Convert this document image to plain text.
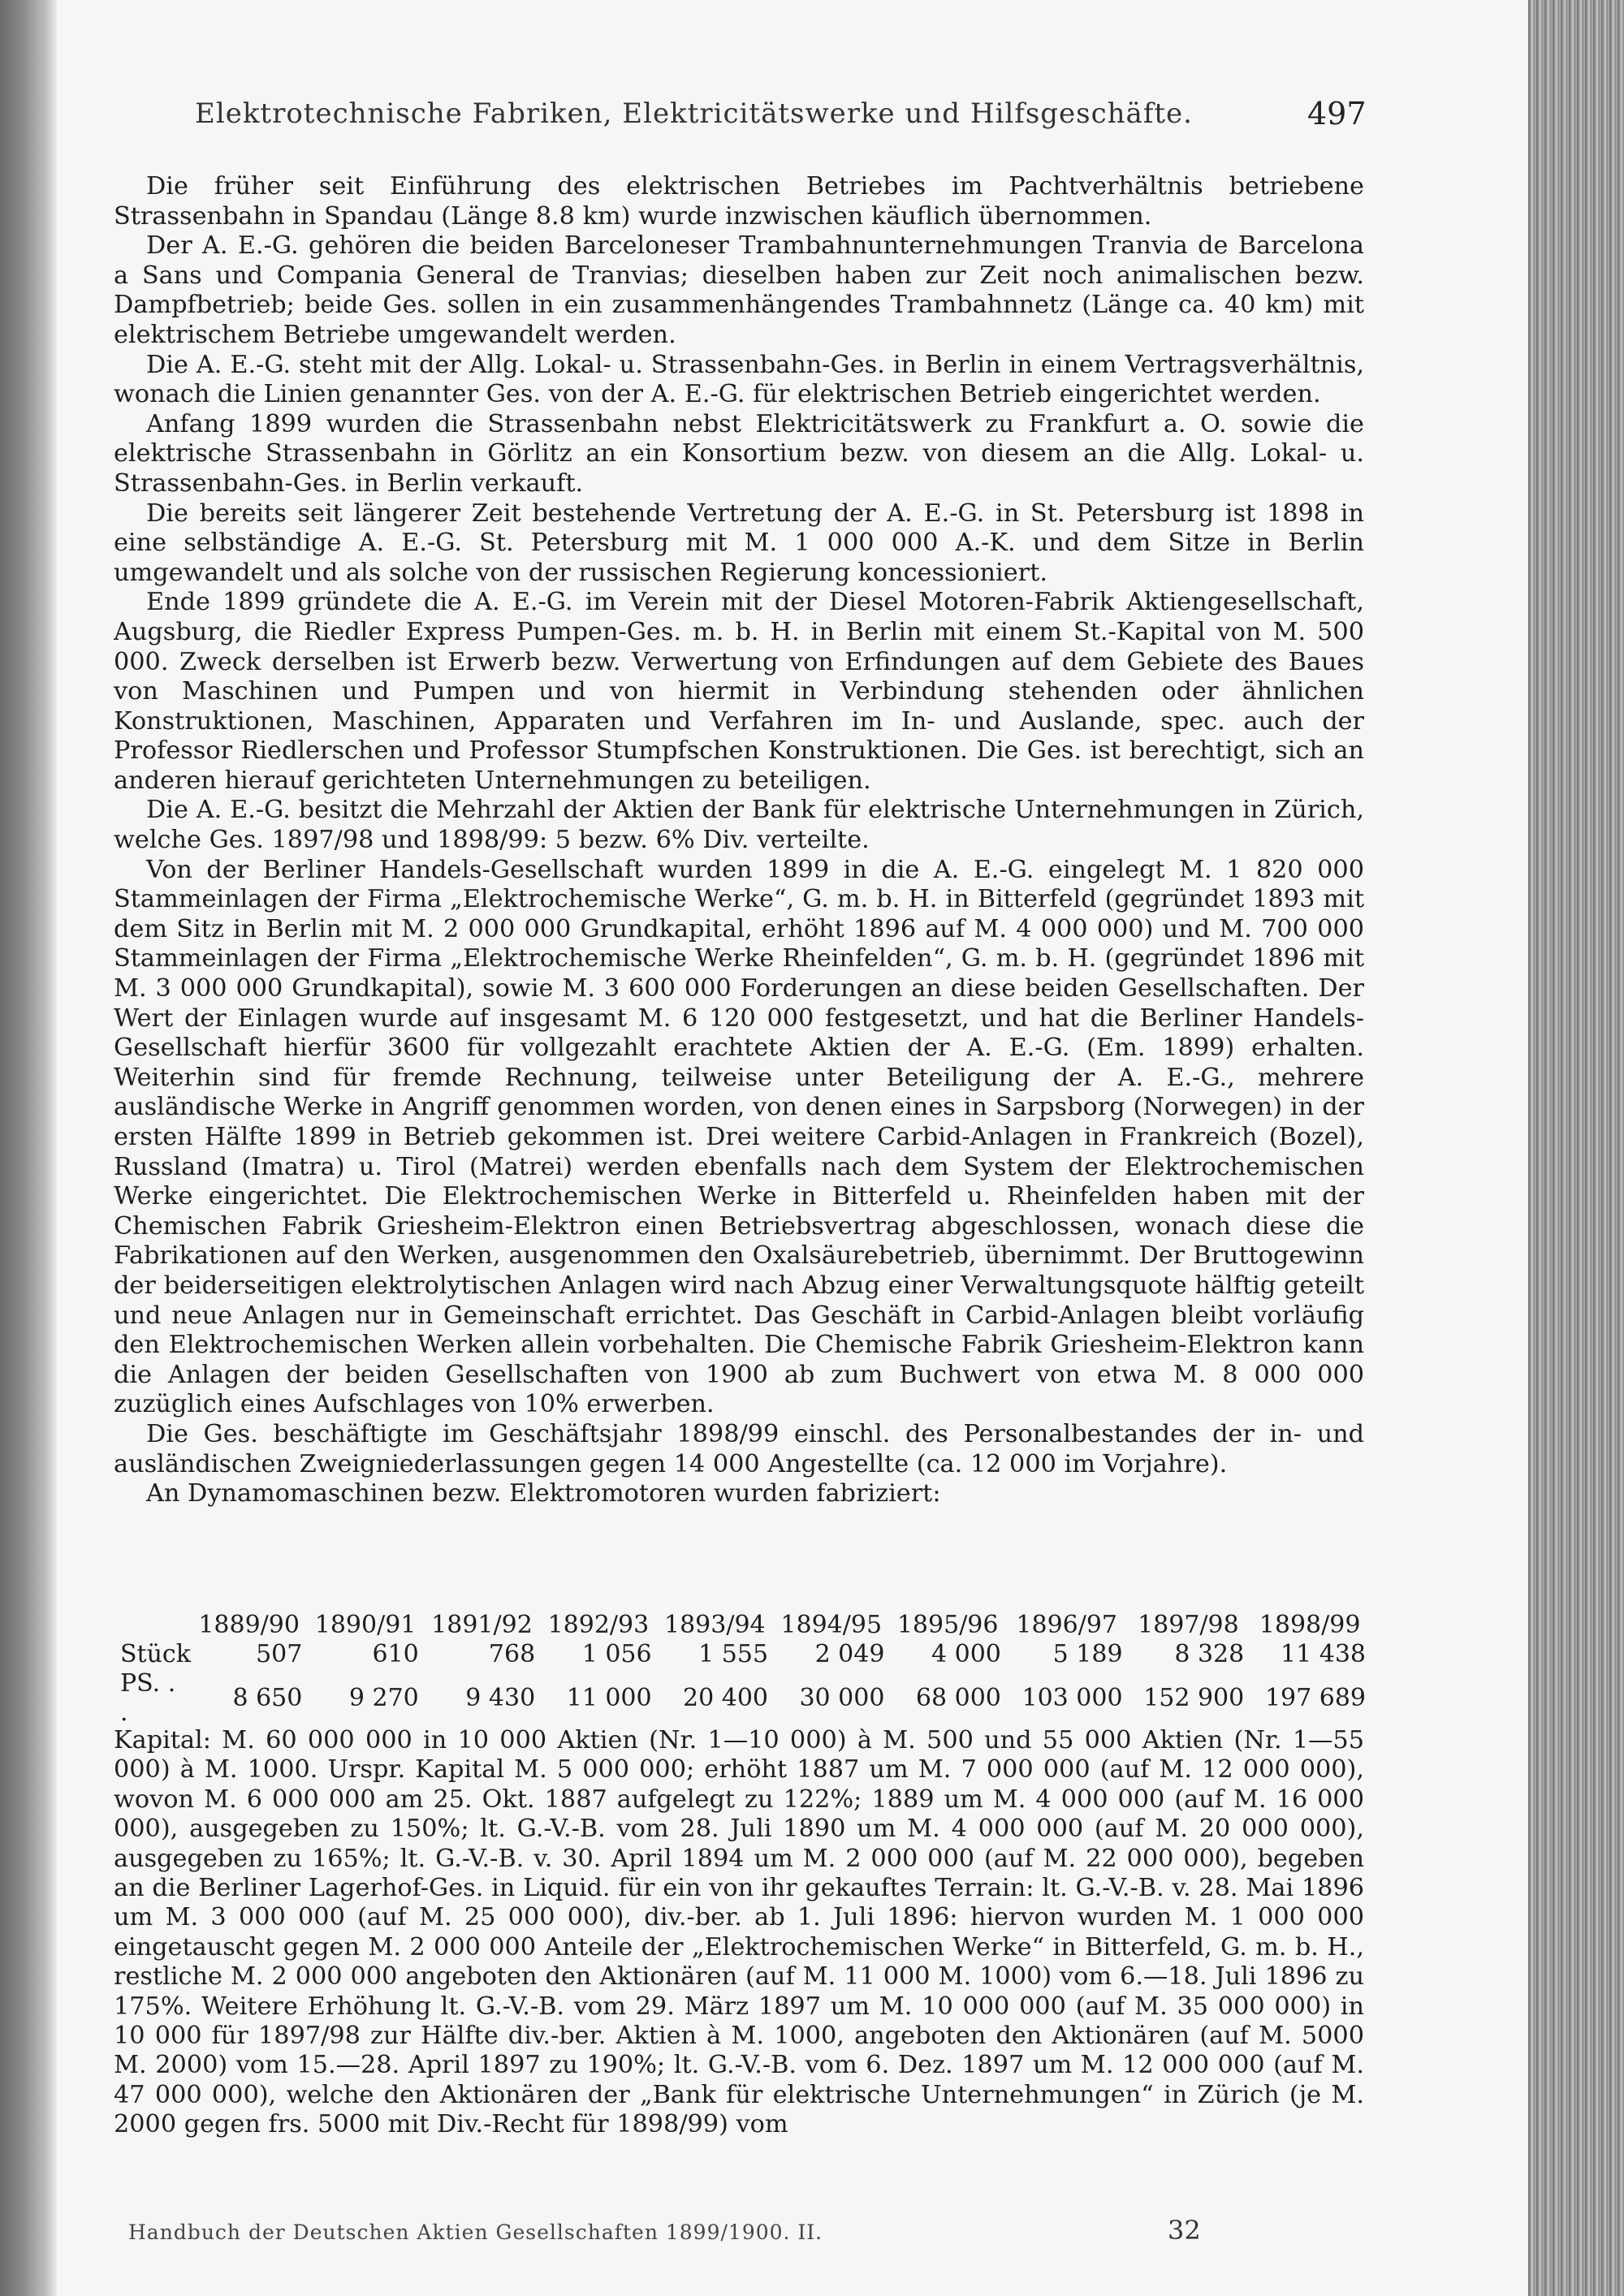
Elektrotechnische Fabriken, Elektricitätswerke und Hilfsgeschäfte.	497

Die früher seit Einführung des elektrischen Betriebes im Pachtverhältnis betriebene Strassenbahn in Spandau (Länge 8.8 km) wurde inzwischen käuflich übernommen.

Der A. E.-G. gehören die beiden Barceloneser Trambahnunternehmungen Tranvia de Barcelona a Sans und Compania General de Tranvias; dieselben haben zur Zeit noch animalischen bezw. Dampfbetrieb; beide Ges. sollen in ein zusammenhängendes Trambahnnetz (Länge ca. 40 km) mit elektrischem Betriebe umgewandelt werden.

Die A. E.-G. steht mit der Allg. Lokal- u. Strassenbahn-Ges. in Berlin in einem Vertragsverhältnis, wonach die Linien genannter Ges. von der A. E.-G. für elektrischen Betrieb eingerichtet werden.

Anfang 1899 wurden die Strassenbahn nebst Elektricitätswerk zu Frankfurt a. O. sowie die elektrische Strassenbahn in Görlitz an ein Konsortium bezw. von diesem an die Allg. Lokal- u. Strassenbahn-Ges. in Berlin verkauft.

Die bereits seit längerer Zeit bestehende Vertretung der A. E.-G. in St. Petersburg ist 1898 in eine selbständige A. E.-G. St. Petersburg mit M. 1 000 000 A.-K. und dem Sitze in Berlin umgewandelt und als solche von der russischen Regierung koncessioniert.

Ende 1899 gründete die A. E.-G. im Verein mit der Diesel Motoren-Fabrik Aktiengesellschaft, Augsburg, die Riedler Express Pumpen-Ges. m. b. H. in Berlin mit einem St.-Kapital von M. 500 000. Zweck derselben ist Erwerb bezw. Verwertung von Erfindungen auf dem Gebiete des Baues von Maschinen und Pumpen und von hiermit in Verbindung stehenden oder ähnlichen Konstruktionen, Maschinen, Apparaten und Verfahren im In- und Auslande, spec. auch der Professor Riedlerschen und Professor Stumpfschen Konstruktionen. Die Ges. ist berechtigt, sich an anderen hierauf gerichteten Unternehmungen zu beteiligen.

Die A. E.-G. besitzt die Mehrzahl der Aktien der Bank für elektrische Unternehmungen in Zürich, welche Ges. 1897/98 und 1898/99: 5 bezw. 6% Div. verteilte.

Von der Berliner Handels-Gesellschaft wurden 1899 in die A. E.-G. eingelegt M. 1 820 000 Stammeinlagen der Firma „Elektrochemische Werke“, G. m. b. H. in Bitterfeld (gegründet 1893 mit dem Sitz in Berlin mit M. 2 000 000 Grundkapital, erhöht 1896 auf M. 4 000 000) und M. 700 000 Stammeinlagen der Firma „Elektrochemische Werke Rheinfelden“, G. m. b. H. (gegründet 1896 mit M. 3 000 000 Grundkapital), sowie M. 3 600 000 Forderungen an diese beiden Gesellschaften. Der Wert der Einlagen wurde auf insgesamt M. 6 120 000 festgesetzt, und hat die Berliner Handels-Gesellschaft hierfür 3600 für vollgezahlt erachtete Aktien der A. E.-G. (Em. 1899) erhalten. Weiterhin sind für fremde Rechnung, teilweise unter Beteiligung der A. E.-G., mehrere ausländische Werke in Angriff genommen worden, von denen eines in Sarpsborg (Norwegen) in der ersten Hälfte 1899 in Betrieb gekommen ist. Drei weitere Carbid-Anlagen in Frankreich (Bozel), Russland (Imatra) u. Tirol (Matrei) werden ebenfalls nach dem System der Elektrochemischen Werke eingerichtet. Die Elektrochemischen Werke in Bitterfeld u. Rheinfelden haben mit der Chemischen Fabrik Griesheim-Elektron einen Betriebsvertrag abgeschlossen, wonach diese die Fabrikationen auf den Werken, ausgenommen den Oxalsäurebetrieb, übernimmt. Der Bruttogewinn der beiderseitigen elektrolytischen Anlagen wird nach Abzug einer Verwaltungsquote hälftig geteilt und neue Anlagen nur in Gemeinschaft errichtet. Das Geschäft in Carbid-Anlagen bleibt vorläufig den Elektrochemischen Werken allein vorbehalten. Die Chemische Fabrik Griesheim-Elektron kann die Anlagen der beiden Gesellschaften von 1900 ab zum Buchwert von etwa M. 8 000 000 zuzüglich eines Aufschlages von 10% erwerben.

Die Ges. beschäftigte im Geschäftsjahr 1898/99 einschl. des Personalbestandes der in- und ausländischen Zweigniederlassungen gegen 14 000 Angestellte (ca. 12 000 im Vorjahre).

An Dynamomaschinen bezw. Elektromotoren wurden fabriziert:

	1889/90	1890/91	1891/92	1892/93	1893/94	1894/95	1895/96	1896/97	1897/98	1898/99
Stück	507	610	768	1 056	1 555	2 049	4 000	5 189	8 328	11 438
PS. . .	8 650	9 270	9 430	11 000	20 400	30 000	68 000	103 000	152 900	197 689

Kapital: M. 60 000 000 in 10 000 Aktien (Nr. 1—10 000) à M. 500 und 55 000 Aktien (Nr. 1—55 000) à M. 1000. Urspr. Kapital M. 5 000 000; erhöht 1887 um M. 7 000 000 (auf M. 12 000 000), wovon M. 6 000 000 am 25. Okt. 1887 aufgelegt zu 122%; 1889 um M. 4 000 000 (auf M. 16 000 000), ausgegeben zu 150%; lt. G.-V.-B. vom 28. Juli 1890 um M. 4 000 000 (auf M. 20 000 000), ausgegeben zu 165%; lt. G.-V.-B. v. 30. April 1894 um M. 2 000 000 (auf M. 22 000 000), begeben an die Berliner Lagerhof-Ges. in Liquid. für ein von ihr gekauftes Terrain: lt. G.-V.-B. v. 28. Mai 1896 um M. 3 000 000 (auf M. 25 000 000), div.-ber. ab 1. Juli 1896: hiervon wurden M. 1 000 000 eingetauscht gegen M. 2 000 000 Anteile der „Elektrochemischen Werke“ in Bitterfeld, G. m. b. H., restliche M. 2 000 000 angeboten den Aktionären (auf M. 11 000 M. 1000) vom 6.—18. Juli 1896 zu 175%. Weitere Erhöhung lt. G.-V.-B. vom 29. März 1897 um M. 10 000 000 (auf M. 35 000 000) in 10 000 für 1897/98 zur Hälfte div.-ber. Aktien à M. 1000, angeboten den Aktionären (auf M. 5000 M. 2000) vom 15.—28. April 1897 zu 190%; lt. G.-V.-B. vom 6. Dez. 1897 um M. 12 000 000 (auf M. 47 000 000), welche den Aktionären der „Bank für elektrische Unternehmungen“ in Zürich (je M. 2000 gegen frs. 5000 mit Div.-Recht für 1898/99) vom

Handbuch der Deutschen Aktien Gesellschaften 1899/1900. II.	32
